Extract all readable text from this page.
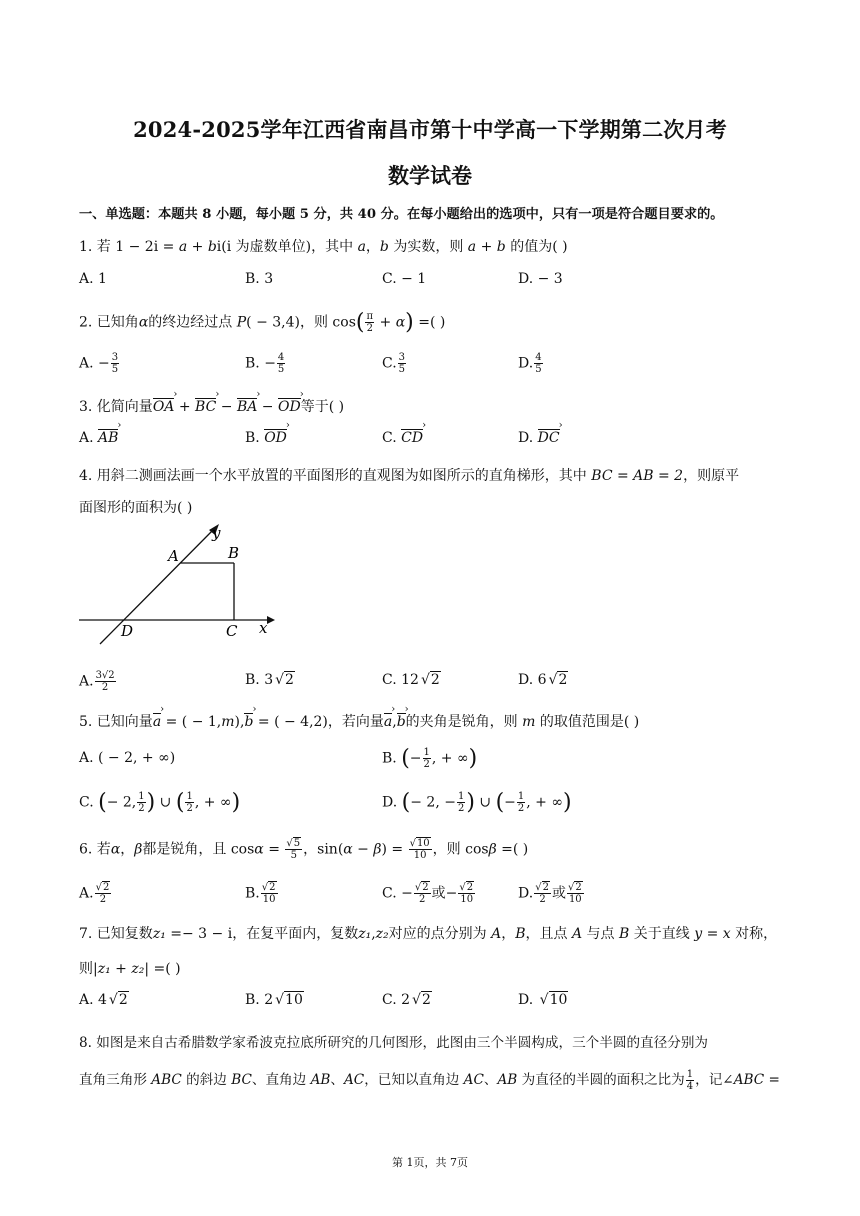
2024-2025学年江西省南昌市第十中学高一下学期第二次月考
数学试卷
一、单选题：本题共 8 小题，每小题 5 分，共 40 分。在每小题给出的选项中，只有一项是符合题目要求的。
1. 若 1 − 2i = a + bi(i 为虚数单位)，其中 a，b 为实数，则 a + b 的值为( )
A. 1	B. 3	C. − 1	D. − 3
2. 已知角α的终边经过点 P( − 3,4)，则 $\cos( \frac{\pi}{2} + \alpha)$ =( )
A. − $\frac{3}{5}$	B. − $\frac{4}{5}$	C. $\frac{3}{5}$	D. $\frac{4}{5}$
3. 化简向量› OA + › BC − › BA − › OD等于( )
A. › AB	B. › OD	C. › CD	D. › DC
4. 用斜二测画法画一个水平放置的平面图形的直观图为如图所示的直角梯形，其中 BC = AB = 2，则原平
面图形的面积为( )
A	B
D	C x
y
A. $\frac{3√2}{2}$	B. 3 √2	C. 12 √2	D. 6 √2
5. 已知向量› a = ( − 1,m),› b = ( − 4,2)，若向量› a,› b的夹角是锐角，则 m 的取值范围是( )
A. ( − 2, + ∞)	B. (− $\frac{1}{2}$ , + ∞)
C. (− 2, $\frac{1}{2}$ ) ∪ ( $\frac{1}{2}$ , + ∞)	D. (− 2, − $\frac{1}{2}$ ) ∪ (− $\frac{1}{2}$ , + ∞)
6. 若α，β都是锐角，且 $\cos\alpha = \frac{√5}{5}$ ，$\sin(\alpha - \beta) = \frac{√10}{10}$ ，则 cosβ =( )
A. $\frac{√2}{2}$	B. $\frac{√2}{10}$	C. − $\frac{√2}{2}$ 或− $\frac{√2}{10}$	D. $\frac{√2}{2}$ 或 $\frac{√2}{10}$
7. 已知复数z₁ =− 3 − i，在复平面内，复数z₁,z₂对应的点分别为 A，B，且点 A 与点 B 关于直线 y = x 对称，
则|z₁ + z₂| =( )
A. 4 √2	B. 2 √10	C. 2 √2	D. √10
8. 如图是来自古希腊数学家希波克拉底所研究的几何图形，此图由三个半圆构成，三个半圆的直径分别为
直角三角形 ABC 的斜边 BC、直角边 AB、AC，已知以直角边 AC、AB 为直径的半圆的面积之比为 $\frac{1}{4}$ ，记∠ABC =
第 1页，共 7页
